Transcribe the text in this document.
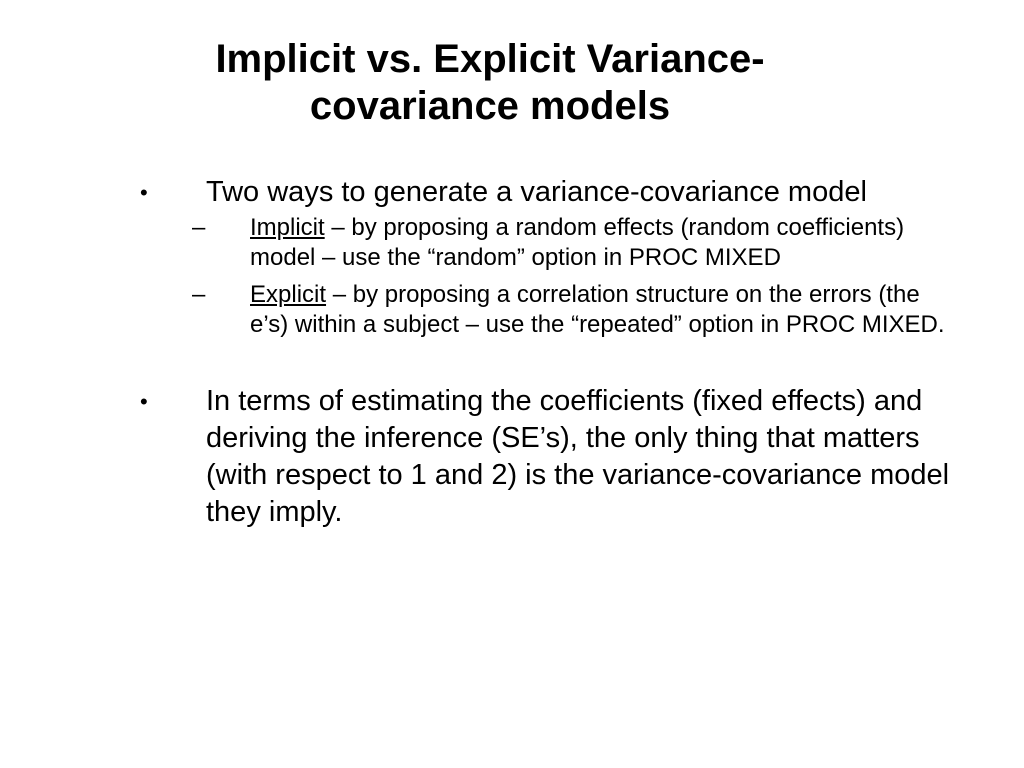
Implicit vs. Explicit Variance-
covariance models
• Two ways to generate a variance-covariance model
– Implicit – by proposing a random effects (random coefficients) model – use the “random” option in PROC MIXED
– Explicit – by proposing a correlation structure on the errors (the e’s) within a subject – use the “repeated” option in PROC MIXED.
• In terms of estimating the coefficients (fixed effects) and deriving the inference (SE’s), the only thing that matters (with respect to 1 and 2) is the variance-covariance model they imply.
